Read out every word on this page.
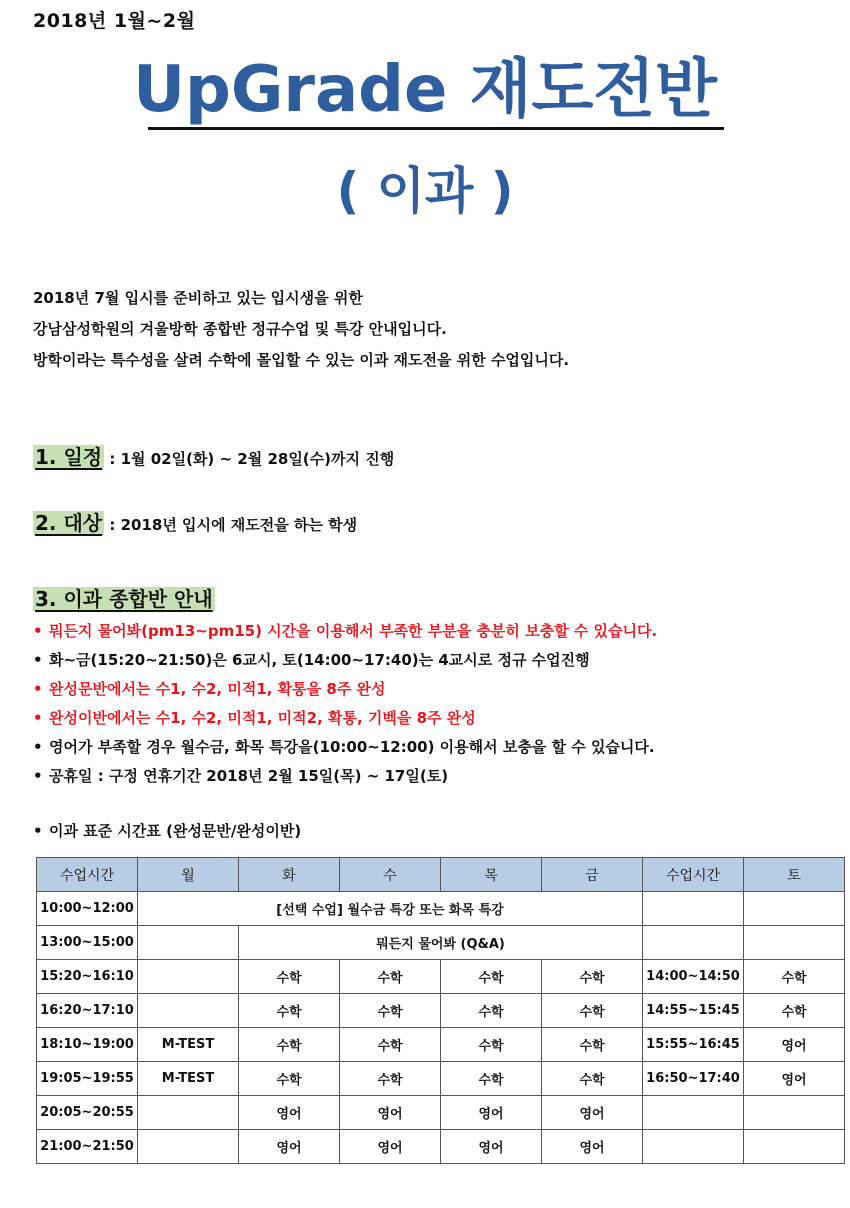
2018년 1월~2월
UpGrade 재도전반
( 이과 )
2018년 7월 입시를 준비하고 있는 입시생을 위한
강남삼성학원의 겨울방학 종합반 정규수업 및 특강 안내입니다.
방학이라는 특수성을 살려 수학에 몰입할 수 있는 이과 재도전을 위한 수업입니다.
1. 일정 : 1월 02일(화) ~ 2월 28일(수)까지 진행
2. 대상 : 2018년 입시에 재도전을 하는 학생
3. 이과 종합반 안내
• 뭐든지 물어봐(pm13~pm15) 시간을 이용해서 부족한 부분을 충분히 보충할 수 있습니다.
• 화~금(15:20~21:50)은 6교시, 토(14:00~17:40)는 4교시로 정규 수업진행
• 완성문반에서는 수1, 수2, 미적1, 확통을 8주 완성
• 완성이반에서는 수1, 수2, 미적1, 미적2, 확통, 기벡을 8주 완성
• 영어가 부족할 경우 월수금, 화목 특강을(10:00~12:00) 이용해서 보충을 할 수 있습니다.
• 공휴일 : 구정 연휴기간 2018년 2월 15일(목) ~ 17일(토)
• 이과 표준 시간표 (완성문반/완성이반)
수업시간	월	화	수	목	금	수업시간	토
10:00~12:00	[선택 수업] 월수금 특강 또는 화목 특강						
13:00~15:00		뭐든지 물어봐 (Q&A)					
15:20~16:10		수학	수학	수학	수학	14:00~14:50	수학
16:20~17:10		수학	수학	수학	수학	14:55~15:45	수학
18:10~19:00	M-TEST	수학	수학	수학	수학	15:55~16:45	영어
19:05~19:55	M-TEST	수학	수학	수학	수학	16:50~17:40	영어
20:05~20:55		영어	영어	영어	영어		
21:00~21:50		영어	영어	영어	영어		
